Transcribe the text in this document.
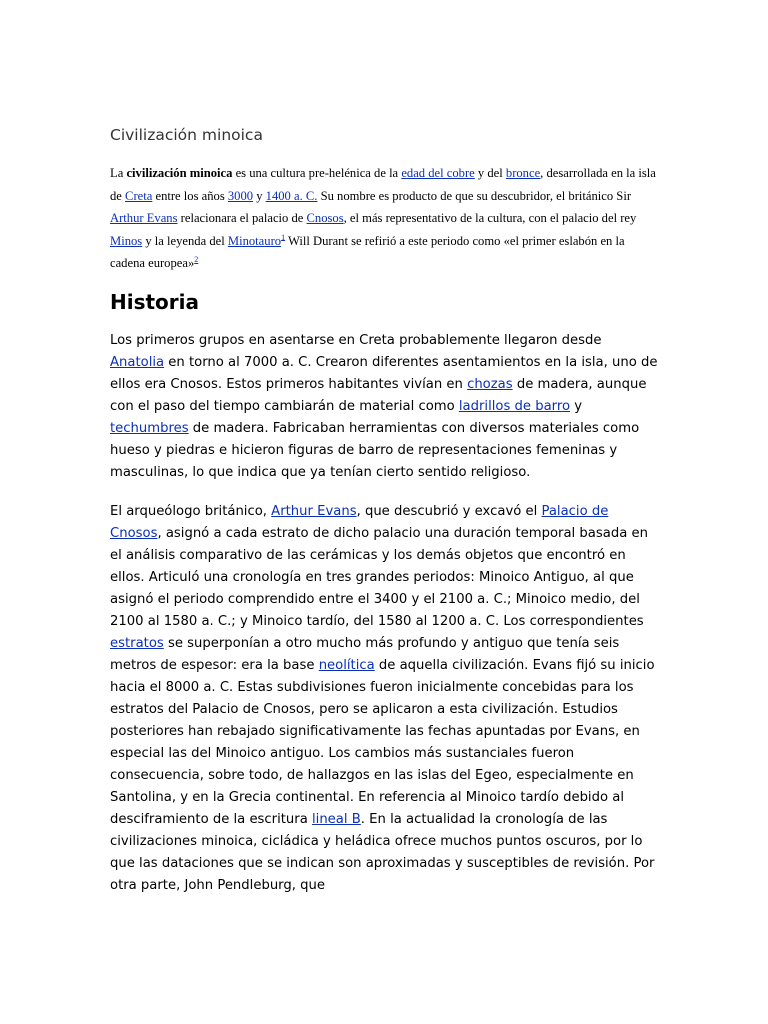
Civilización minoica

La civilización minoica es una cultura pre-helénica de la edad del cobre y del bronce, desarrollada en la isla de Creta entre los años 3000 y 1400 a. C. Su nombre es producto de que su descubridor, el británico Sir Arthur Evans relacionara el palacio de Cnosos, el más representativo de la cultura, con el palacio del rey Minos y la leyenda del Minotauro$^1$ Will Durant se refirió a este periodo como «el primer eslabón en la cadena europea»$^2$

Historia

Los primeros grupos en asentarse en Creta probablemente llegaron desde Anatolia en torno al 7000 a. C. Crearon diferentes asentamientos en la isla, uno de ellos era Cnosos. Estos primeros habitantes vivían en chozas de madera, aunque con el paso del tiempo cambiarán de material como ladrillos de barro y techumbres de madera. Fabricaban herramientas con diversos materiales como hueso y piedras e hicieron figuras de barro de representaciones femeninas y masculinas, lo que indica que ya tenían cierto sentido religioso.

El arqueólogo británico, Arthur Evans, que descubrió y excavó el Palacio de Cnosos, asignó a cada estrato de dicho palacio una duración temporal basada en el análisis comparativo de las cerámicas y los demás objetos que encontró en ellos. Articuló una cronología en tres grandes periodos: Minoico Antiguo, al que asignó el periodo comprendido entre el 3400 y el 2100 a. C.; Minoico medio, del 2100 al 1580 a. C.; y Minoico tardío, del 1580 al 1200 a. C. Los correspondientes estratos se superponían a otro mucho más profundo y antiguo que tenía seis metros de espesor: era la base neolítica de aquella civilización. Evans fijó su inicio hacia el 8000 a. C. Estas subdivisiones fueron inicialmente concebidas para los estratos del Palacio de Cnosos, pero se aplicaron a esta civilización. Estudios posteriores han rebajado significativamente las fechas apuntadas por Evans, en especial las del Minoico antiguo. Los cambios más sustanciales fueron consecuencia, sobre todo, de hallazgos en las islas del Egeo, especialmente en Santolina, y en la Grecia continental. En referencia al Minoico tardío debido al desciframiento de la escritura lineal B. En la actualidad la cronología de las civilizaciones minoica, cicládica y heládica ofrece muchos puntos oscuros, por lo que las dataciones que se indican son aproximadas y susceptibles de revisión. Por otra parte, John Pendleburg, que
